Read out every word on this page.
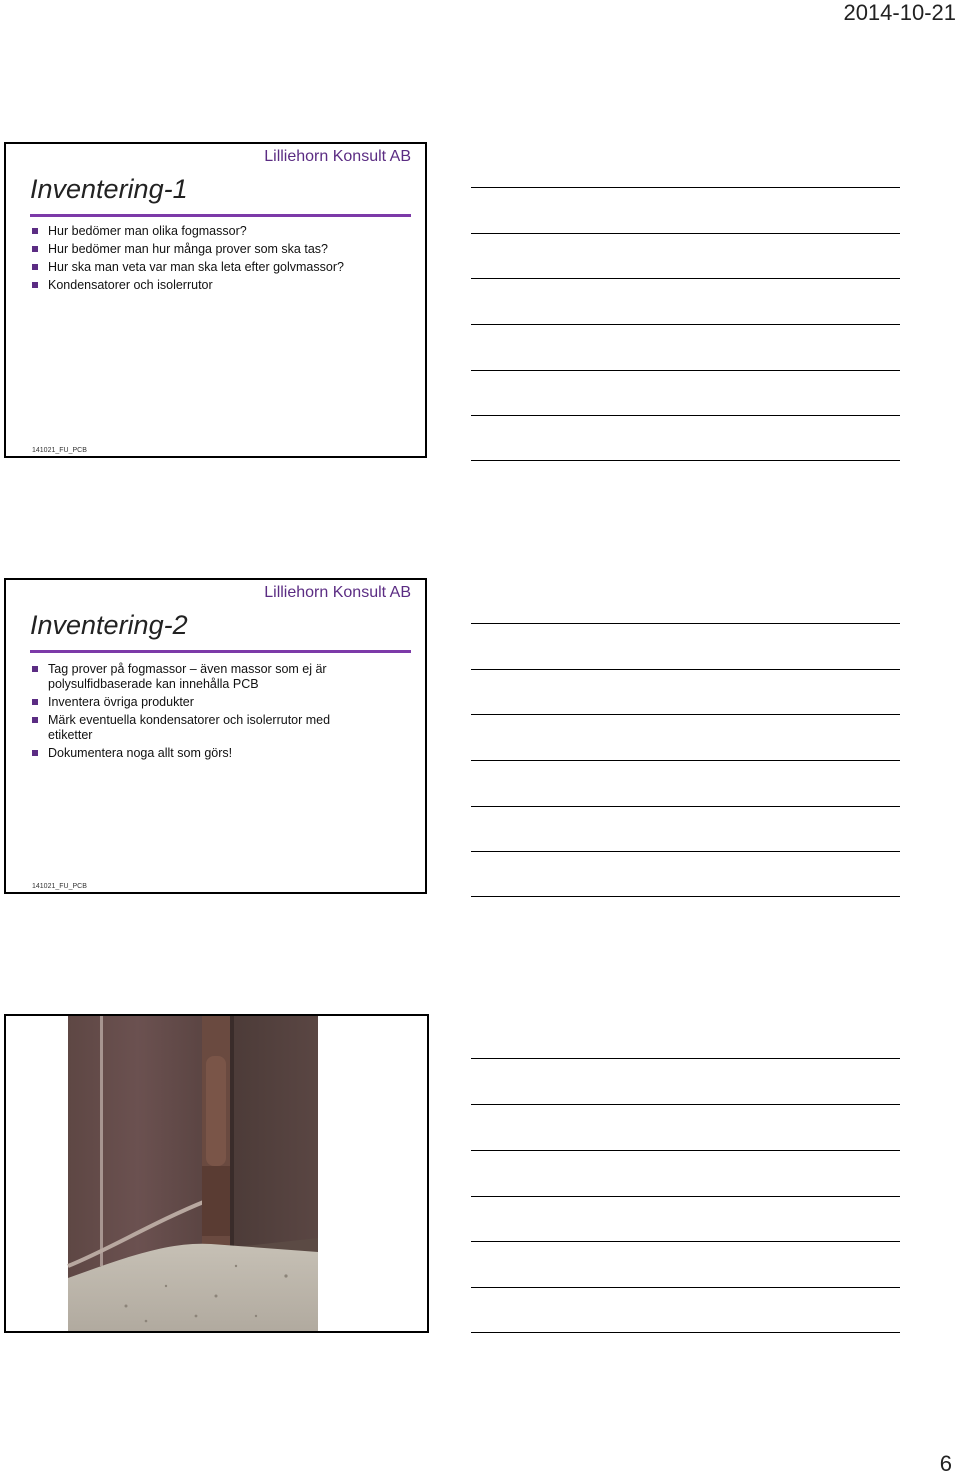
2014-10-21
Lilliehorn Konsult AB
Inventering-1
Hur bedömer man olika fogmassor?
Hur bedömer man hur många prover som ska tas?
Hur ska man veta var man ska leta efter golvmassor?
Kondensatorer och isolerrutor
141021_FU_PCB
Lilliehorn Konsult AB
Inventering-2
Tag prover på fogmassor – även massor som ej är polysulfidbaserade kan innehålla PCB
Inventera övriga produkter
Märk eventuella kondensatorer och isolerrutor med etiketter
Dokumentera noga allt som görs!
141021_FU_PCB
6
